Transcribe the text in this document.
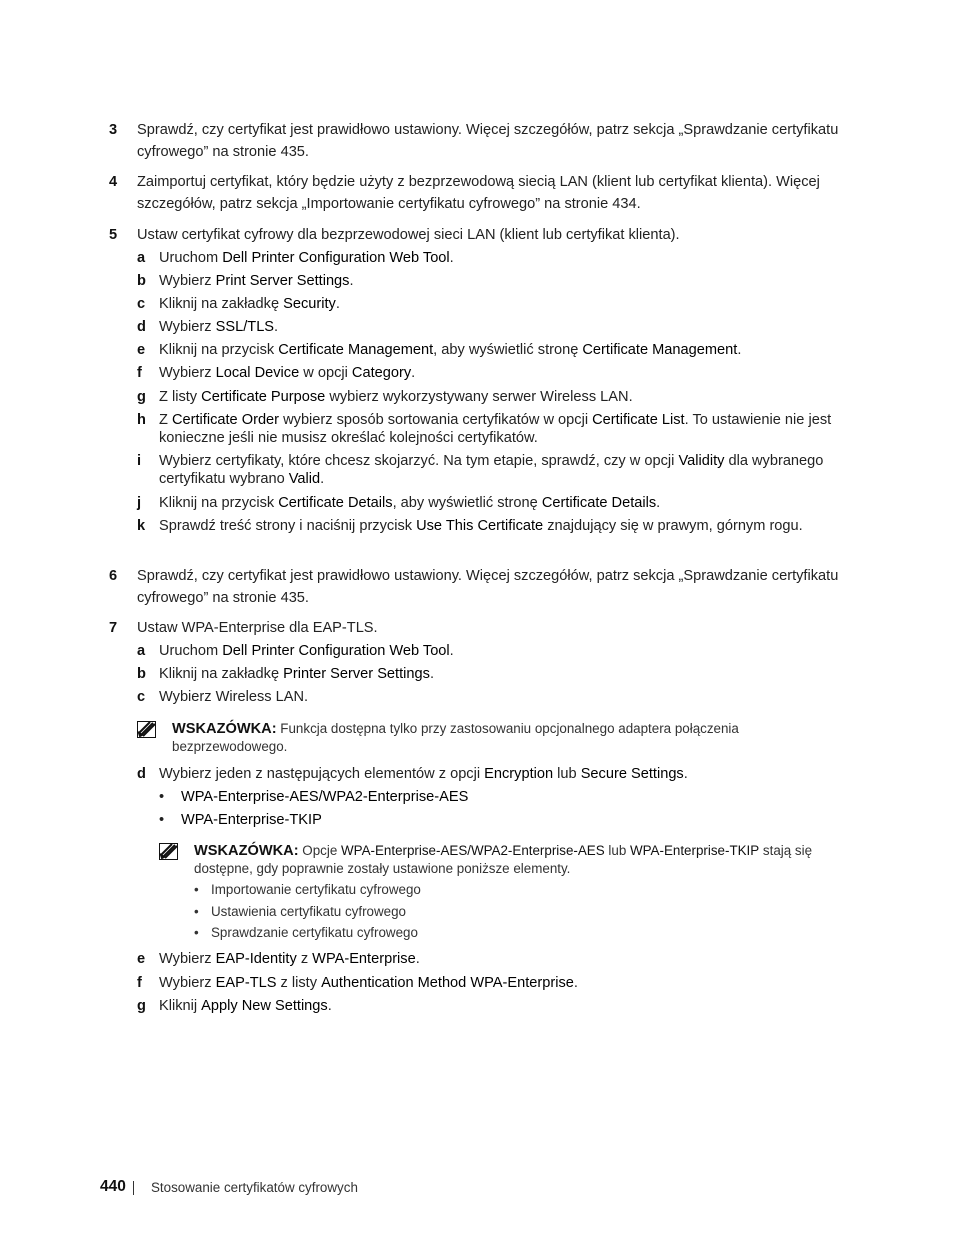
3 Sprawdź, czy certyfikat jest prawidłowo ustawiony. Więcej szczegółów, patrz sekcja „Sprawdzanie certyfikatu cyfrowego” na stronie 435.
4 Zaimportuj certyfikat, który będzie użyty z bezprzewodową siecią LAN (klient lub certyfikat klienta). Więcej szczegółów, patrz sekcja „Importowanie certyfikatu cyfrowego” na stronie 434.
5 Ustaw certyfikat cyfrowy dla bezprzewodowej sieci LAN (klient lub certyfikat klienta).
a Uruchom Dell Printer Configuration Web Tool.
b Wybierz Print Server Settings.
c Kliknij na zakładkę Security.
d Wybierz SSL/TLS.
e Kliknij na przycisk Certificate Management, aby wyświetlić stronę Certificate Management.
f Wybierz Local Device w opcji Category.
g Z listy Certificate Purpose wybierz wykorzystywany serwer Wireless LAN.
h Z Certificate Order wybierz sposób sortowania certyfikatów w opcji Certificate List. To ustawienie nie jest konieczne jeśli nie musisz określać kolejności certyfikatów.
i Wybierz certyfikaty, które chcesz skojarzyć. Na tym etapie, sprawdź, czy w opcji Validity dla wybranego certyfikatu wybrano Valid.
j Kliknij na przycisk Certificate Details, aby wyświetlić stronę Certificate Details.
k Sprawdź treść strony i naciśnij przycisk Use This Certificate znajdujący się w prawym, górnym rogu.
6 Sprawdź, czy certyfikat jest prawidłowo ustawiony. Więcej szczegółów, patrz sekcja „Sprawdzanie certyfikatu cyfrowego” na stronie 435.
7 Ustaw WPA-Enterprise dla EAP-TLS.
a Uruchom Dell Printer Configuration Web Tool.
b Kliknij na zakładkę Printer Server Settings.
c Wybierz Wireless LAN.
WSKAZÓWKA: Funkcja dostępna tylko przy zastosowaniu opcjonalnego adaptera połączenia bezprzewodowego.
d Wybierz jeden z następujących elementów z opcji Encryption lub Secure Settings.
• WPA-Enterprise-AES/WPA2-Enterprise-AES
• WPA-Enterprise-TKIP
WSKAZÓWKA: Opcje WPA-Enterprise-AES/WPA2-Enterprise-AES lub WPA-Enterprise-TKIP stają się dostępne, gdy poprawnie zostały ustawione poniższe elementy.
• Importowanie certyfikatu cyfrowego
• Ustawienia certyfikatu cyfrowego
• Sprawdzanie certyfikatu cyfrowego
e Wybierz EAP-Identity z WPA-Enterprise.
f Wybierz EAP-TLS z listy Authentication Method WPA-Enterprise.
g Kliknij Apply New Settings.
440 Stosowanie certyfikatów cyfrowych
